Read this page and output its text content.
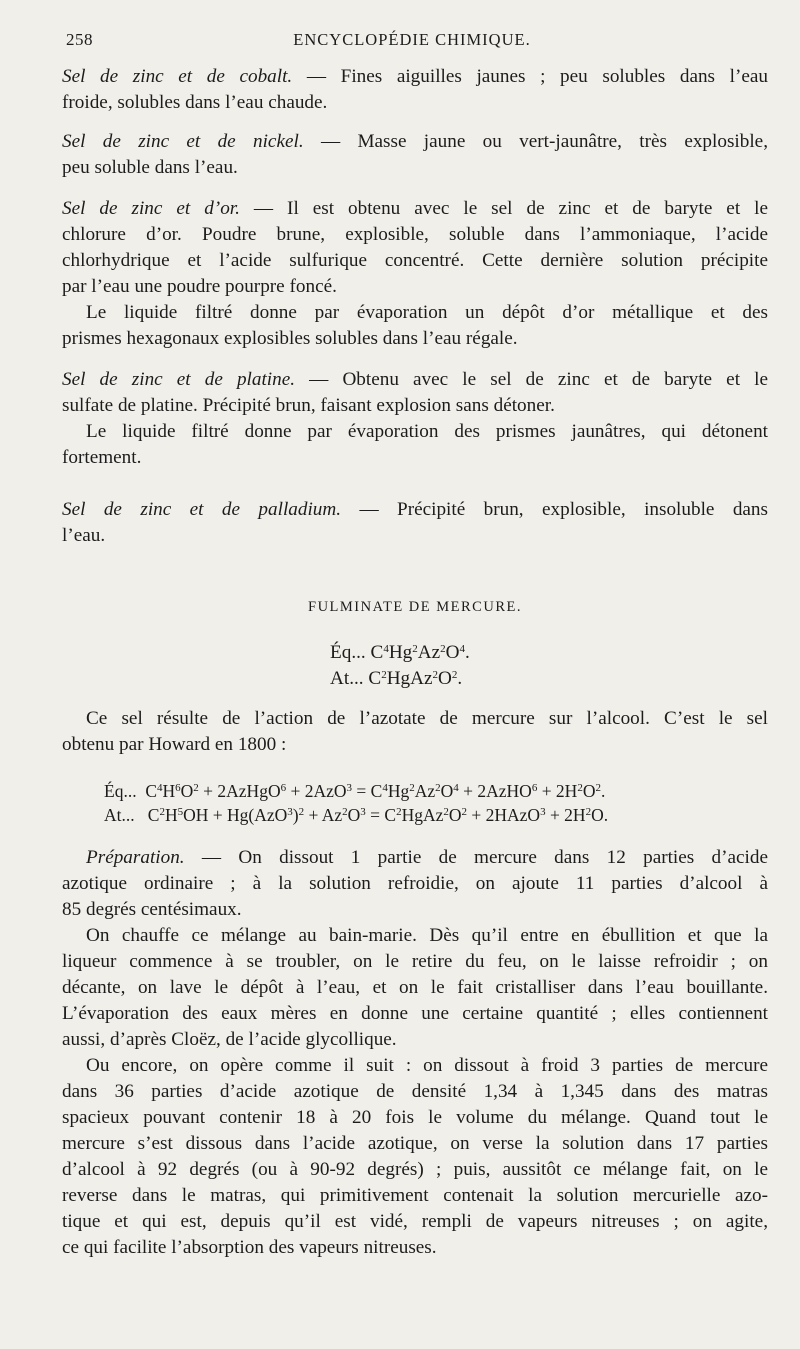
258	ENCYCLOPÉDIE CHIMIQUE.
Sel de zinc et de cobalt. — Fines aiguilles jaunes ; peu solubles dans l’eau
froide, solubles dans l’eau chaude.
Sel de zinc et de nickel. — Masse jaune ou vert-jaunâtre, très explosible,
peu soluble dans l’eau.
Sel de zinc et d’or. — Il est obtenu avec le sel de zinc et de baryte et le
chlorure d’or. Poudre brune, explosible, soluble dans l’ammoniaque, l’acide
chlorhydrique et l’acide sulfurique concentré. Cette dernière solution précipite
par l’eau une poudre pourpre foncé.
Le liquide filtré donne par évaporation un dépôt d’or métallique et des
prismes hexagonaux explosibles solubles dans l’eau régale.
Sel de zinc et de platine. — Obtenu avec le sel de zinc et de baryte et le
sulfate de platine. Précipité brun, faisant explosion sans détoner.
Le liquide filtré donne par évaporation des prismes jaunâtres, qui détonent
fortement.
Sel de zinc et de palladium. — Précipité brun, explosible, insoluble dans
l’eau.
FULMINATE DE MERCURE.
Éq... $C^4Hg^2Az^2O^4$.
At... $C^2HgAz^2O^2$.
Ce sel résulte de l’action de l’azotate de mercure sur l’alcool. C’est le sel
obtenu par Howard en 1800 :
Éq...  $C^4H^6O^2$ + 2AzHgO$^6$ + $2AzO^3 = C^4Hg^2Az^2O^4$ + 2AzHO$^6$ + $2H^2O^2$.
At...   $C^2H^5OH + Hg(AzO^3)^2 + Az^2O^3$ = $C^2HgAz^2O^2$ + 2HAzO$^3$ + $2H^2O$.
Préparation. — On dissout 1 partie de mercure dans 12 parties d’acide
azotique ordinaire ; à la solution refroidie, on ajoute 11 parties d’alcool à
85 degrés centésimaux.
On chauffe ce mélange au bain-marie. Dès qu’il entre en ébullition et que la
liqueur commence à se troubler, on le retire du feu, on le laisse refroidir ; on
décante, on lave le dépôt à l’eau, et on le fait cristalliser dans l’eau bouillante.
L’évaporation des eaux mères en donne une certaine quantité ; elles contiennent
aussi, d’après Cloëz, de l’acide glycollique.
Ou encore, on opère comme il suit : on dissout à froid 3 parties de mercure
dans 36 parties d’acide azotique de densité 1,34 à 1,345 dans des matras
spacieux pouvant contenir 18 à 20 fois le volume du mélange. Quand tout le
mercure s’est dissous dans l’acide azotique, on verse la solution dans 17 parties
d’alcool à 92 degrés (ou à 90-92 degrés) ; puis, aussitôt ce mélange fait, on le
reverse dans le matras, qui primitivement contenait la solution mercurielle azo-
tique et qui est, depuis qu’il est vidé, rempli de vapeurs nitreuses ; on agite,
ce qui facilite l’absorption des vapeurs nitreuses.
